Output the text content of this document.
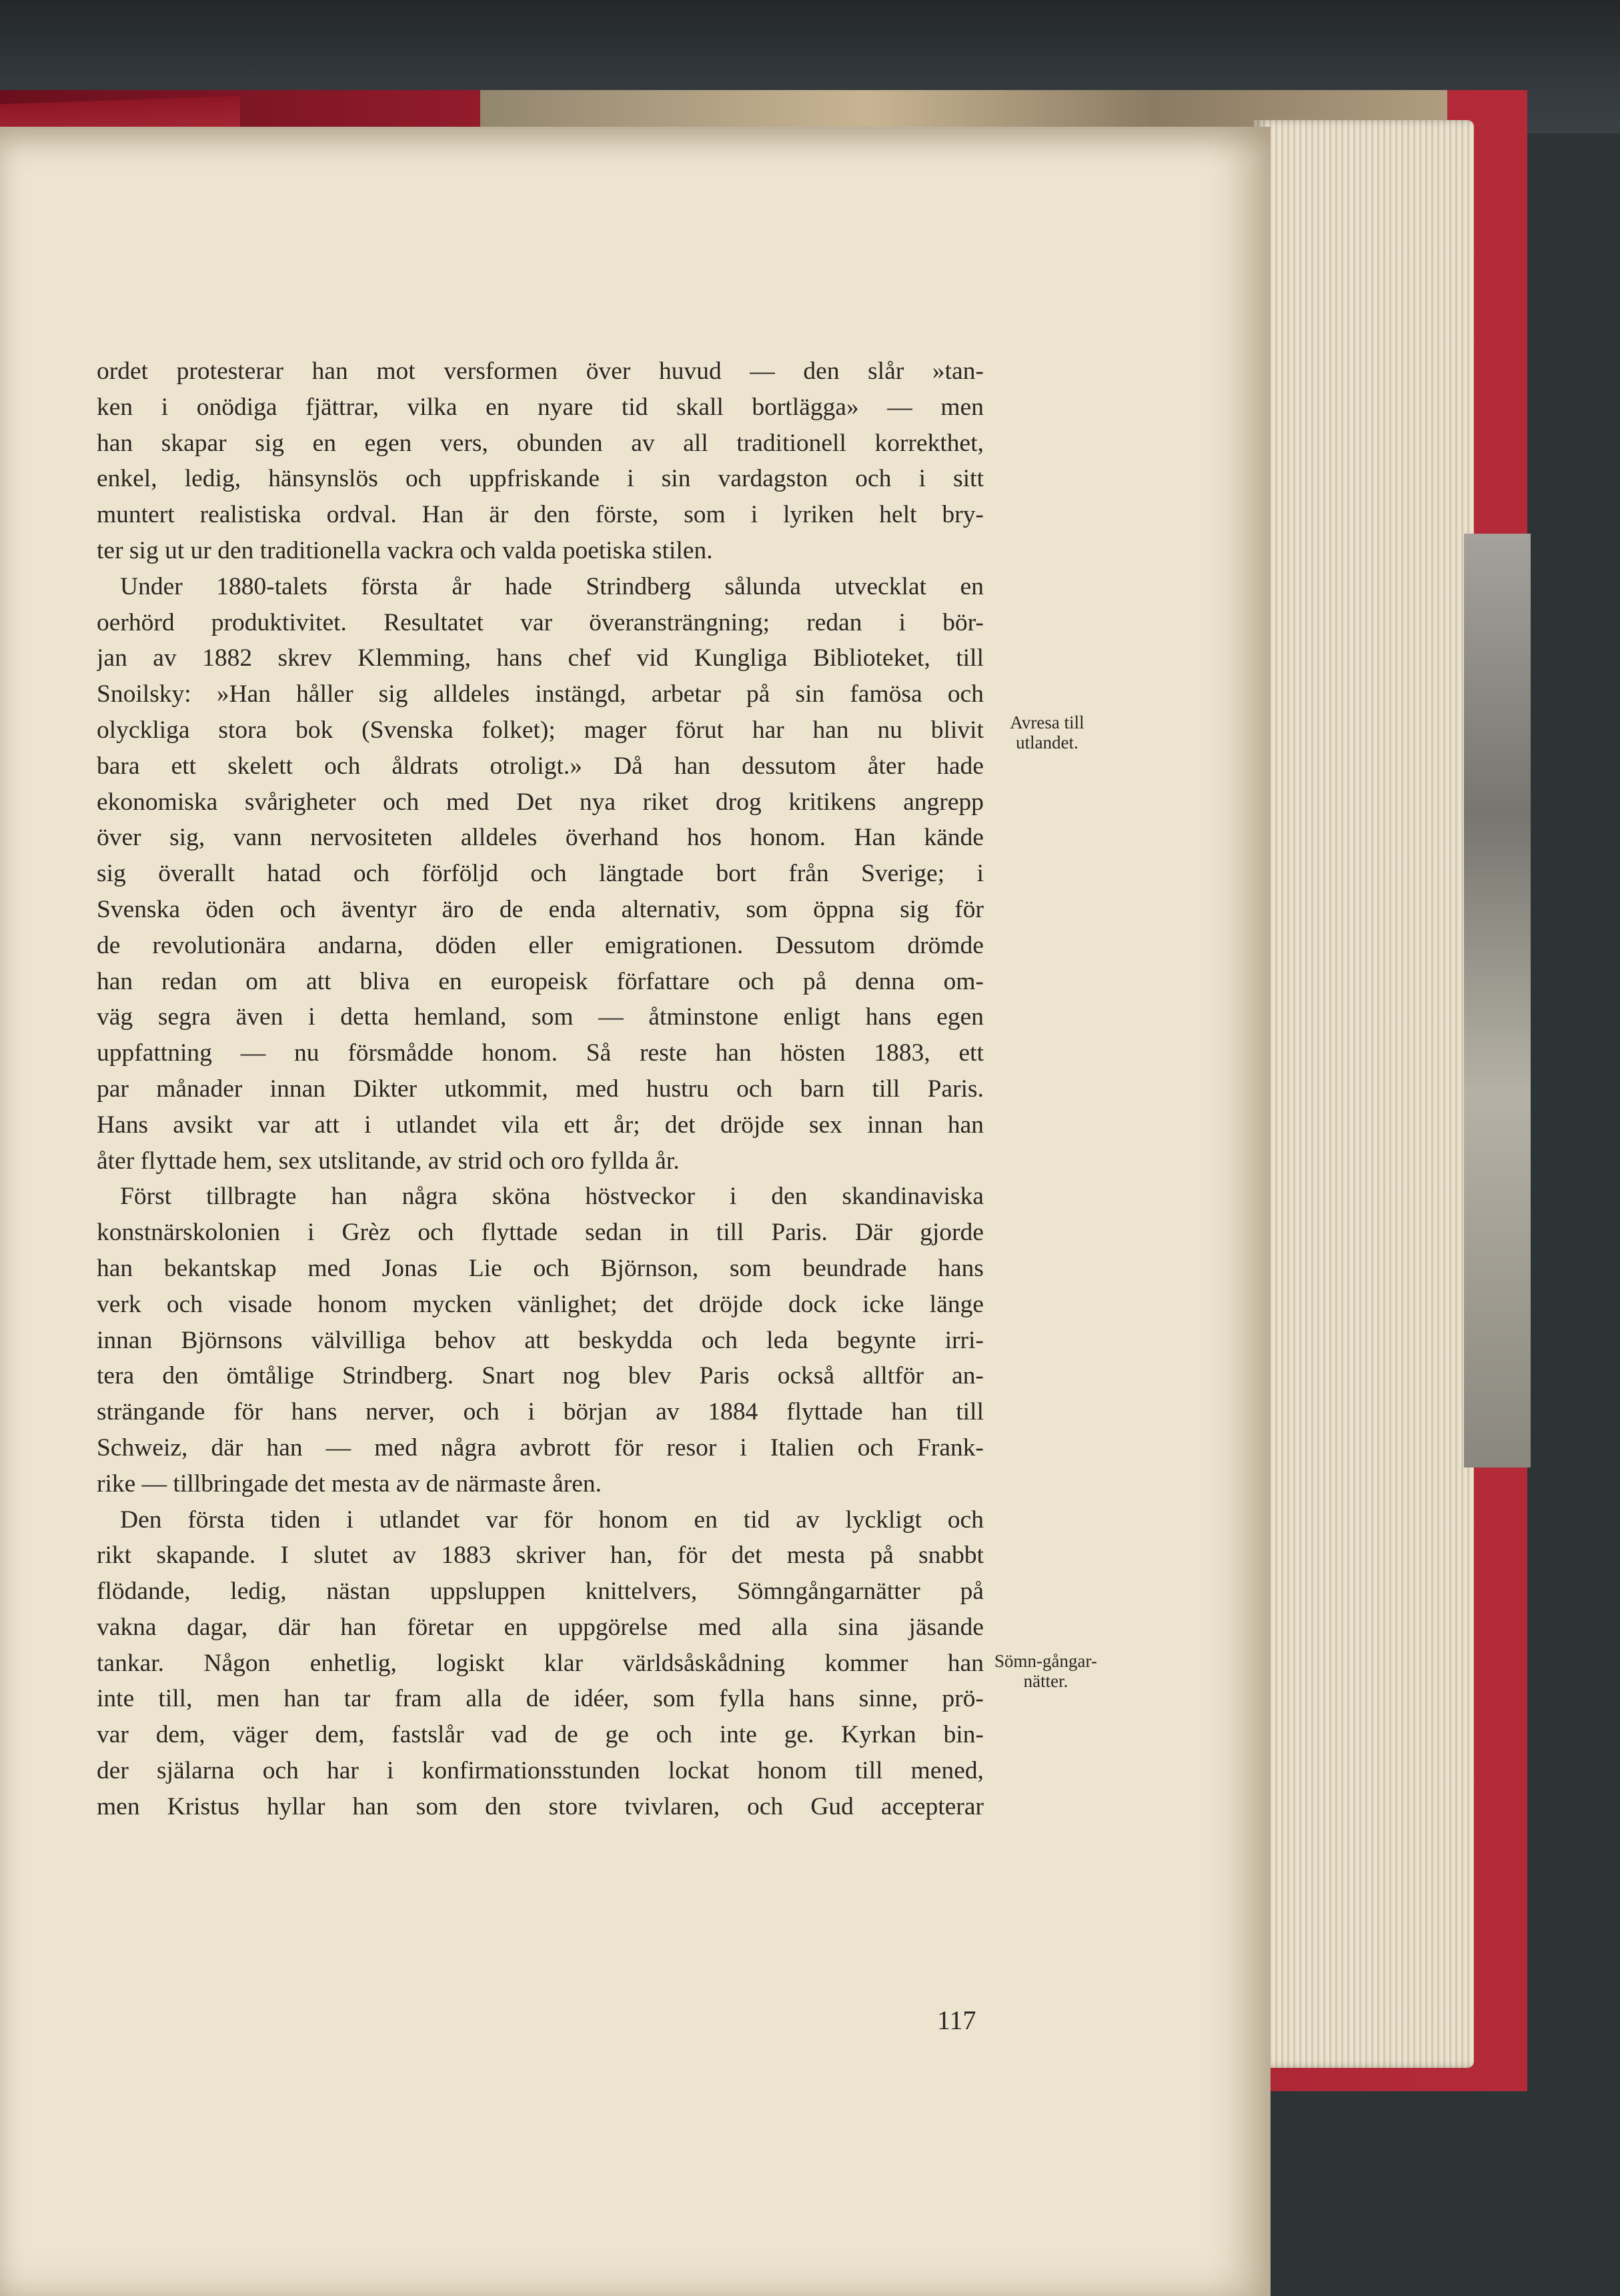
ordet protesterar han mot versformen över huvud — den slår »tan-
ken i onödiga fjättrar, vilka en nyare tid skall bortlägga» — men
han skapar sig en egen vers, obunden av all traditionell korrekthet,
enkel, ledig, hänsynslös och uppfriskande i sin vardagston och i sitt
muntert realistiska ordval. Han är den förste, som i lyriken helt bry-
ter sig ut ur den traditionella vackra och valda poetiska stilen.
Under 1880-talets första år hade Strindberg sålunda utvecklat en
oerhörd produktivitet. Resultatet var överansträngning; redan i bör-
jan av 1882 skrev Klemming, hans chef vid Kungliga Biblioteket, till
Snoilsky: »Han håller sig alldeles instängd, arbetar på sin famösa och
olyckliga stora bok (Svenska folket); mager förut har han nu blivit
bara ett skelett och åldrats otroligt.» Då han dessutom åter hade
ekonomiska svårigheter och med Det nya riket drog kritikens angrepp
över sig, vann nervositeten alldeles överhand hos honom. Han kände
sig överallt hatad och förföljd och längtade bort från Sverige; i
Svenska öden och äventyr äro de enda alternativ, som öppna sig för
de revolutionära andarna, döden eller emigrationen. Dessutom drömde
han redan om att bliva en europeisk författare och på denna om-
väg segra även i detta hemland, som — åtminstone enligt hans egen
uppfattning — nu försmådde honom. Så reste han hösten 1883, ett
par månader innan Dikter utkommit, med hustru och barn till Paris.
Hans avsikt var att i utlandet vila ett år; det dröjde sex innan han
åter flyttade hem, sex utslitande, av strid och oro fyllda år.
Först tillbragte han några sköna höstveckor i den skandinaviska
konstnärskolonien i Grèz och flyttade sedan in till Paris. Där gjorde
han bekantskap med Jonas Lie och Björnson, som beundrade hans
verk och visade honom mycken vänlighet; det dröjde dock icke länge
innan Björnsons välvilliga behov att beskydda och leda begynte irri-
tera den ömtålige Strindberg. Snart nog blev Paris också alltför an-
strängande för hans nerver, och i början av 1884 flyttade han till
Schweiz, där han — med några avbrott för resor i Italien och Frank-
rike — tillbringade det mesta av de närmaste åren.
Den första tiden i utlandet var för honom en tid av lyckligt och
rikt skapande. I slutet av 1883 skriver han, för det mesta på snabbt
flödande, ledig, nästan uppsluppen knittelvers, Sömngångarnätter på
vakna dagar, där han företar en uppgörelse med alla sina jäsande
tankar. Någon enhetlig, logiskt klar världsåskådning kommer han
inte till, men han tar fram alla de idéer, som fylla hans sinne, prö-
var dem, väger dem, fastslår vad de ge och inte ge. Kyrkan bin-
der själarna och har i konfirmationsstunden lockat honom till mened,
men Kristus hyllar han som den store tvivlaren, och Gud accepterar
Avresa till utlandet.
Sömn-gångar-nätter.
117
